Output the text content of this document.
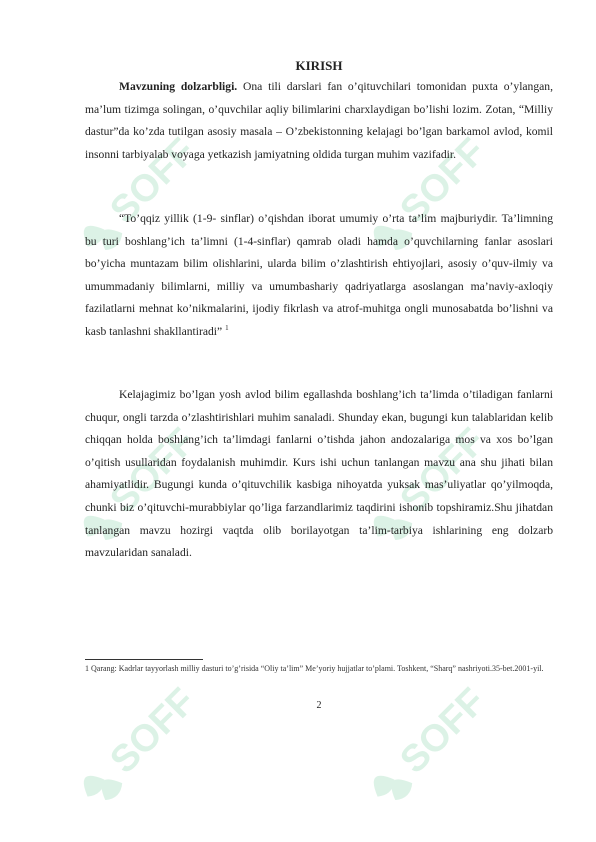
SOFF	SOFF
SOFF	SOFF
SOFF	SOFF
KIRISH

Mavzuning dolzarbligi. Ona tili darslari fan o’qituvchilari tomonidan puxta o’ylangan, ma’lum tizimga solingan, o’quvchilar aqliy bilimlarini charxlaydigan bo’lishi lozim. Zotan, “Milliy dastur”da ko’zda tutilgan asosiy masala – O’zbekistonning kelajagi bo’lgan barkamol avlod, komil insonni tarbiyalab voyaga yetkazish jamiyatning oldida turgan muhim vazifadir.

“To’qqiz yillik (1-9- sinflar) o’qishdan iborat umumiy o’rta ta’lim majburiydir. Ta’limning bu turi boshlang’ich ta’limni (1-4-sinflar) qamrab oladi hamda o’quvchilarning fanlar asoslari bo’yicha muntazam bilim olishlarini, ularda bilim o’zlashtirish ehtiyojlari, asosiy o’quv-ilmiy va umummadaniy bilimlarni, milliy va umumbashariy qadriyatlarga asoslangan ma’naviy-axloqiy fazilatlarni mehnat ko’nikmalarini, ijodiy fikrlash va atrof-muhitga ongli munosabatda bo’lishni va kasb tanlashni shakllantiradi” $^1$

Kelajagimiz bo’lgan yosh avlod bilim egallashda boshlang’ich ta’limda o’tiladigan fanlarni chuqur, ongli tarzda o’zlashtirishlari muhim sanaladi. Shunday ekan, bugungi kun talablaridan kelib chiqqan holda boshlang’ich ta’limdagi fanlarni o’tishda jahon andozalariga mos va xos bo’lgan o’qitish usullaridan foydalanish muhimdir. Kurs ishi uchun tanlangan mavzu ana shu jihati bilan ahamiyatlidir. Bugungi kunda o’qituvchilik kasbiga nihoyatda yuksak mas’uliyatlar qo’yilmoqda, chunki biz o’qituvchi-murabbiylar qo’liga farzandlarimiz taqdirini ishonib topshiramiz.Shu jihatdan tanlangan mavzu hozirgi vaqtda olib borilayotgan ta’lim-tarbiya ishlarining eng dolzarb mavzularidan sanaladi.

1 Qarang: Kadrlar tayyorlash milliy dasturi to’g’risida “Oliy ta’lim” Me’yoriy hujjatlar to’plami. Toshkent, “Sharq” nashriyoti.35-bet.2001-yil.
2
